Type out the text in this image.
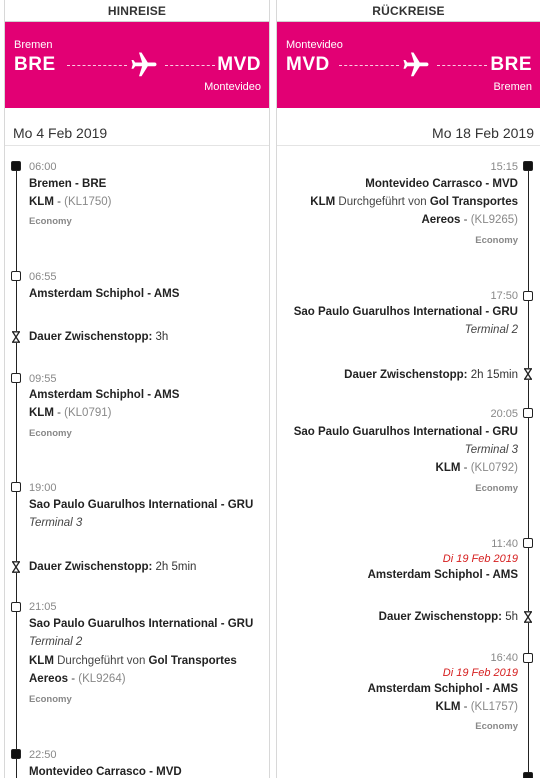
HINREISE
Bremen
BRE	MVD
Montevideo
Mo 4 Feb 2019
06:00
Bremen - BRE
KLM - (KL1750)
Economy
06:55
Amsterdam Schiphol - AMS
Dauer Zwischenstopp: 3h
09:55
Amsterdam Schiphol - AMS
KLM - (KL0791)
Economy
19:00
Sao Paulo Guarulhos International - GRU
Terminal 3
Dauer Zwischenstopp: 2h 5min
21:05
Sao Paulo Guarulhos International - GRU
Terminal 2
KLM Durchgeführt von Gol Transportes
Aereos - (KL9264)
Economy
22:50
Montevideo Carrasco - MVD
RÜCKREISE
Montevideo
MVD	BRE
Bremen
Mo 18 Feb 2019
15:15
Montevideo Carrasco - MVD
KLM Durchgeführt von Gol Transportes
Aereos - (KL9265)
Economy
17:50
Sao Paulo Guarulhos International - GRU
Terminal 2
Dauer Zwischenstopp: 2h 15min
20:05
Sao Paulo Guarulhos International - GRU
Terminal 3
KLM - (KL0792)
Economy
11:40
Di 19 Feb 2019
Amsterdam Schiphol - AMS
Dauer Zwischenstopp: 5h
16:40
Di 19 Feb 2019
Amsterdam Schiphol - AMS
KLM - (KL1757)
Economy
